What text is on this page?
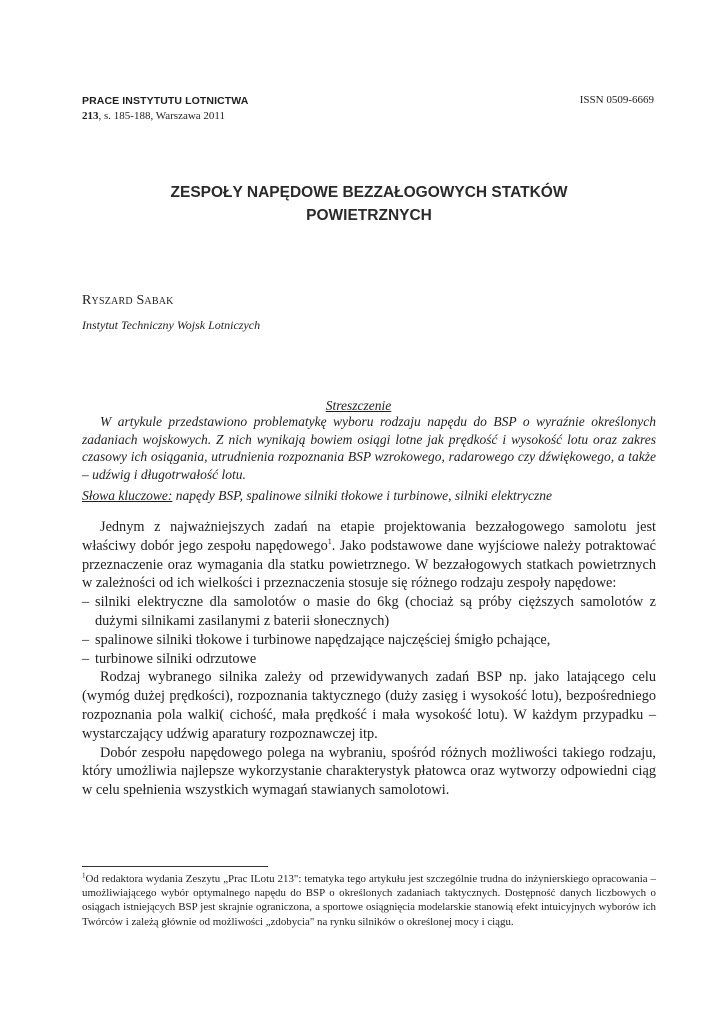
PRACE INSTYTUTU LOTNICTWA
213, s. 185-188, Warszawa 2011
ISSN 0509-6669
ZESPOŁY NAPĘDOWE BEZZAŁOGOWYCH STATKÓW
POWIETRZNYCH
Ryszard Sabak
Instytut Techniczny Wojsk Lotniczych
Streszczenie

W artykule przedstawiono problematykę wyboru rodzaju napędu do BSP o wyraźnie określonych zadaniach wojskowych. Z nich wynikają bowiem osiągi lotne jak prędkość i wysokość lotu oraz zakres czasowy ich osiągania, utrudnienia rozpoznania BSP wzrokowego, radarowego czy dźwiękowego, a także – udźwig i długotrwałość lotu.

Słowa kluczowe: napędy BSP, spalinowe silniki tłokowe i turbinowe, silniki elektryczne

Jednym z najważniejszych zadań na etapie projektowania bezzałogowego samolotu jest właściwy dobór jego zespołu napędowego$^1$. Jako podstawowe dane wyjściowe należy potraktować przeznaczenie oraz wymagania dla statku powietrznego. W bezzałogowych statkach powietrznych w zależności od ich wielkości i przeznaczenia stosuje się różnego rodzaju zespoły napędowe:

– silniki elektryczne dla samolotów o masie do 6kg (chociaż są próby cięższych samolotów z dużymi silnikami zasilanymi z baterii słonecznych)
– spalinowe silniki tłokowe i turbinowe napędzające najczęściej śmigło pchające,
– turbinowe silniki odrzutowe

Rodzaj wybranego silnika zależy od przewidywanych zadań BSP np. jako latającego celu (wymóg dużej prędkości), rozpoznania taktycznego (duży zasięg i wysokość lotu), bezpośredniego rozpoznania pola walki( cichość, mała prędkość i mała wysokość lotu). W każdym przypadku – wystarczający udźwig aparatury rozpoznawczej itp.

Dobór zespołu napędowego polega na wybraniu, spośród różnych możliwości takiego rodzaju, który umożliwia najlepsze wykorzystanie charakterystyk płatowca oraz wytworzy odpowiedni ciąg w celu spełnienia wszystkich wymagań stawianych samolotowi.

$^1$Od redaktora wydania Zeszytu „Prac ILotu 213": tematyka tego artykułu jest szczególnie trudna do inżynierskiego opracowania – umożliwiającego wybór optymalnego napędu do BSP o określonych zadaniach taktycznych. Dostępność danych liczbowych o osiągach istniejących BSP jest skrajnie ograniczona, a sportowe osiągnięcia modelarskie stanowią efekt intuicyjnych wyborów ich Twórców i zależą głównie od możliwości „zdobycia" na rynku silników o określonej mocy i ciągu.
